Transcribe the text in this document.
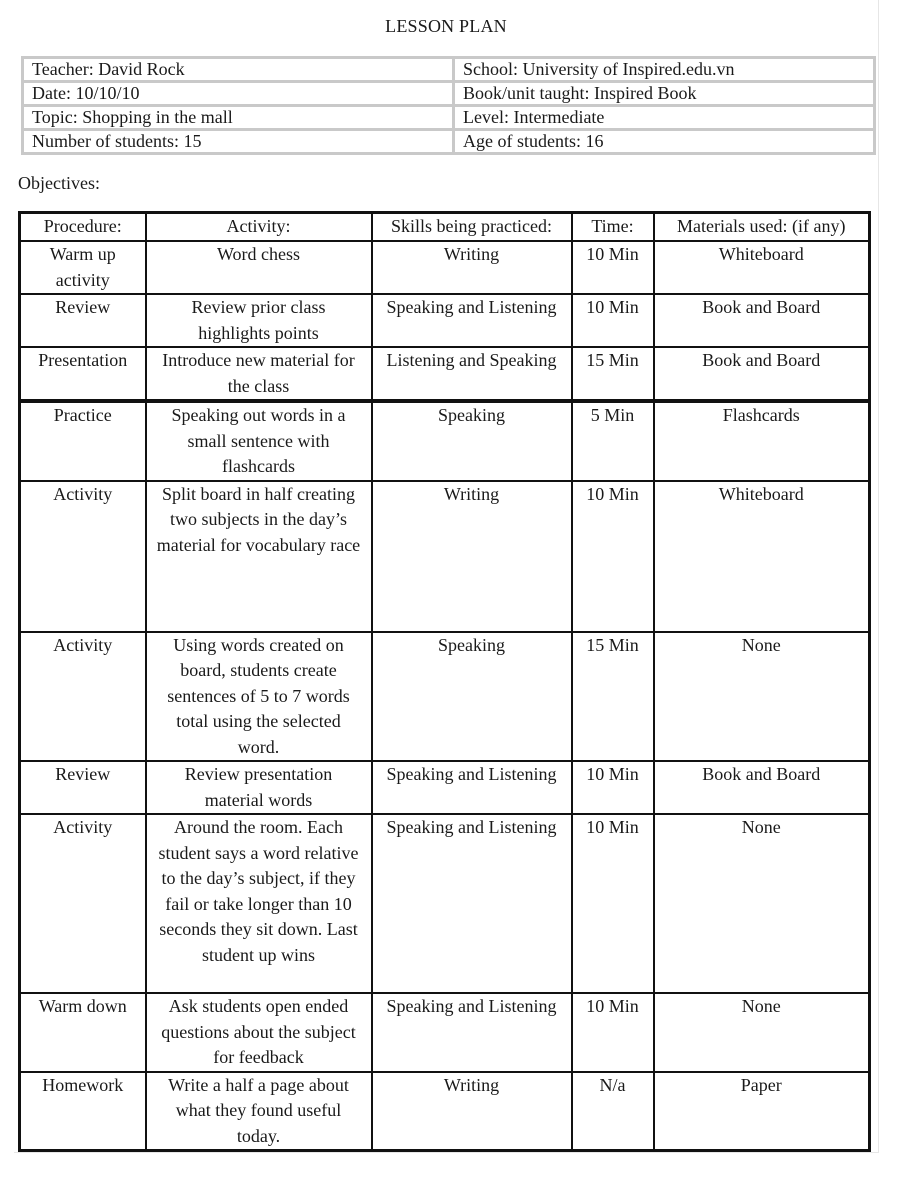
LESSON PLAN
Teacher: David Rock	School: University of Inspired.edu.vn
Date: 10/10/10	Book/unit taught: Inspired Book
Topic: Shopping in the mall	Level: Intermediate
Number of students: 15	Age of students: 16
Objectives:
Procedure:	Activity:	Skills being practiced:	Time:	Materials used: (if any)
Warm up activity	Word chess	Writing	10 Min	Whiteboard
Review	Review prior class highlights points	Speaking and Listening	10 Min	Book and Board
Presentation	Introduce new material for the class	Listening and Speaking	15 Min	Book and Board
Practice	Speaking out words in a small sentence with flashcards	Speaking	5 Min	Flashcards
Activity	Split board in half creating two subjects in the day’s material for vocabulary race	Writing	10 Min	Whiteboard
Activity	Using words created on board, students create sentences of 5 to 7 words total using the selected word.	Speaking	15 Min	None
Review	Review presentation material words	Speaking and Listening	10 Min	Book and Board
Activity	Around the room. Each student says a word relative to the day’s subject, if they fail or take longer than 10 seconds they sit down. Last student up wins	Speaking and Listening	10 Min	None
Warm down	Ask students open ended questions about the subject for feedback	Speaking and Listening	10 Min	None
Homework	Write a half a page about what they found useful today.	Writing	N/a	Paper
